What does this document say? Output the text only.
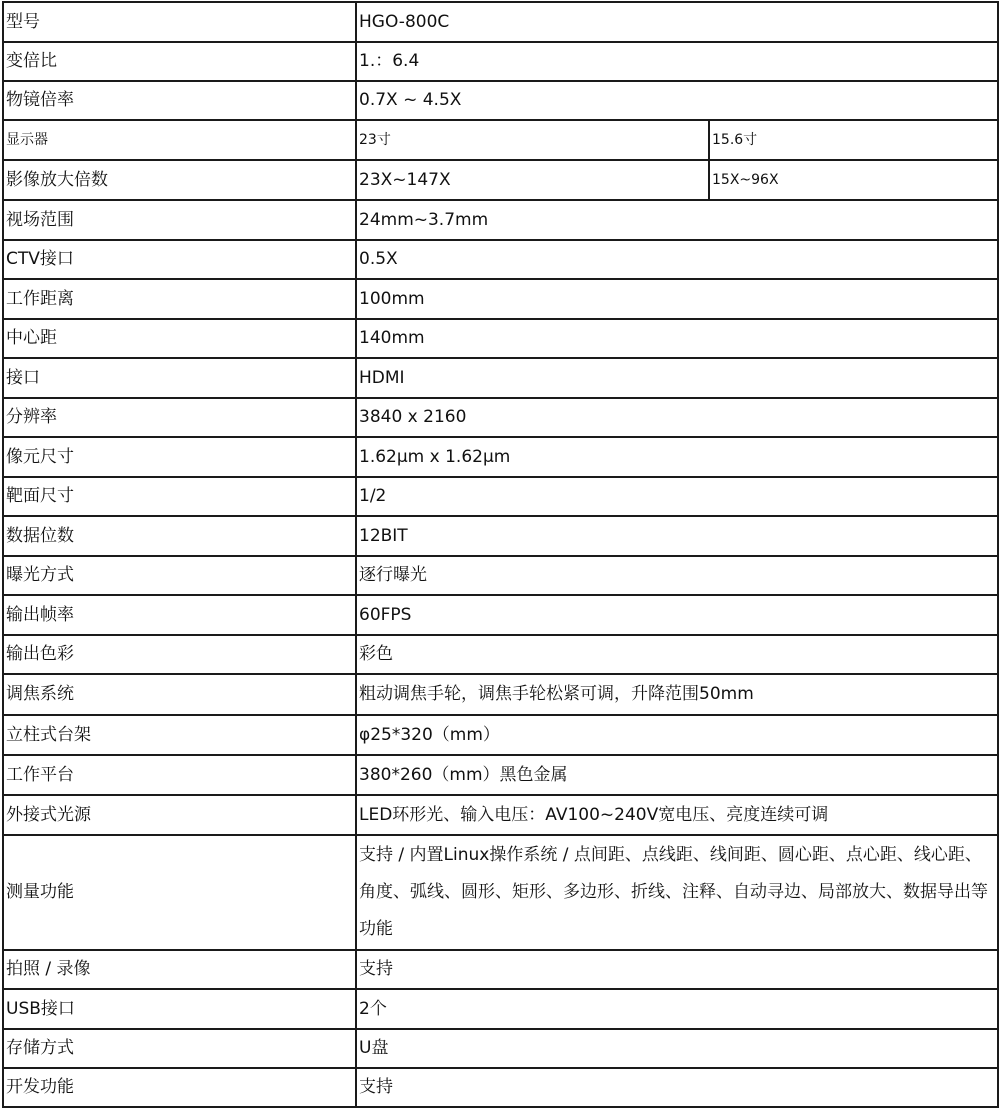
型号	HGO-800C	
变倍比	1.：6.4	
物镜倍率	0.7X ~ 4.5X	
显示器	23寸	15.6寸
影像放大倍数	23X~147X	15X~96X
视场范围	24mm~3.7mm	
CTV接口	0.5X	
工作距离	100mm	
中心距	140mm	
接口	HDMI	
分辨率	3840 x 2160	
像元尺寸	1.62μm x 1.62μm	
靶面尺寸	1/2	
数据位数	12BIT	
曝光方式	逐行曝光	
输出帧率	60FPS	
输出色彩	彩色	
调焦系统	粗动调焦手轮，调焦手轮松紧可调，升降范围50mm	
立柱式台架	φ25*320（mm）	
工作平台	380*260（mm）黑色金属	
外接式光源	LED环形光、输入电压：AV100~240V宽电压、亮度连续可调	
测量功能	支持 / 内置Linux操作系统 / 点间距、点线距、线间距、圆心距、点心距、线心距、角度、弧线、圆形、矩形、多边形、折线、注释、自动寻边、局部放大、数据导出等功能	
拍照 / 录像	支持	
USB接口	2个	
存储方式	U盘	
开发功能	支持	
